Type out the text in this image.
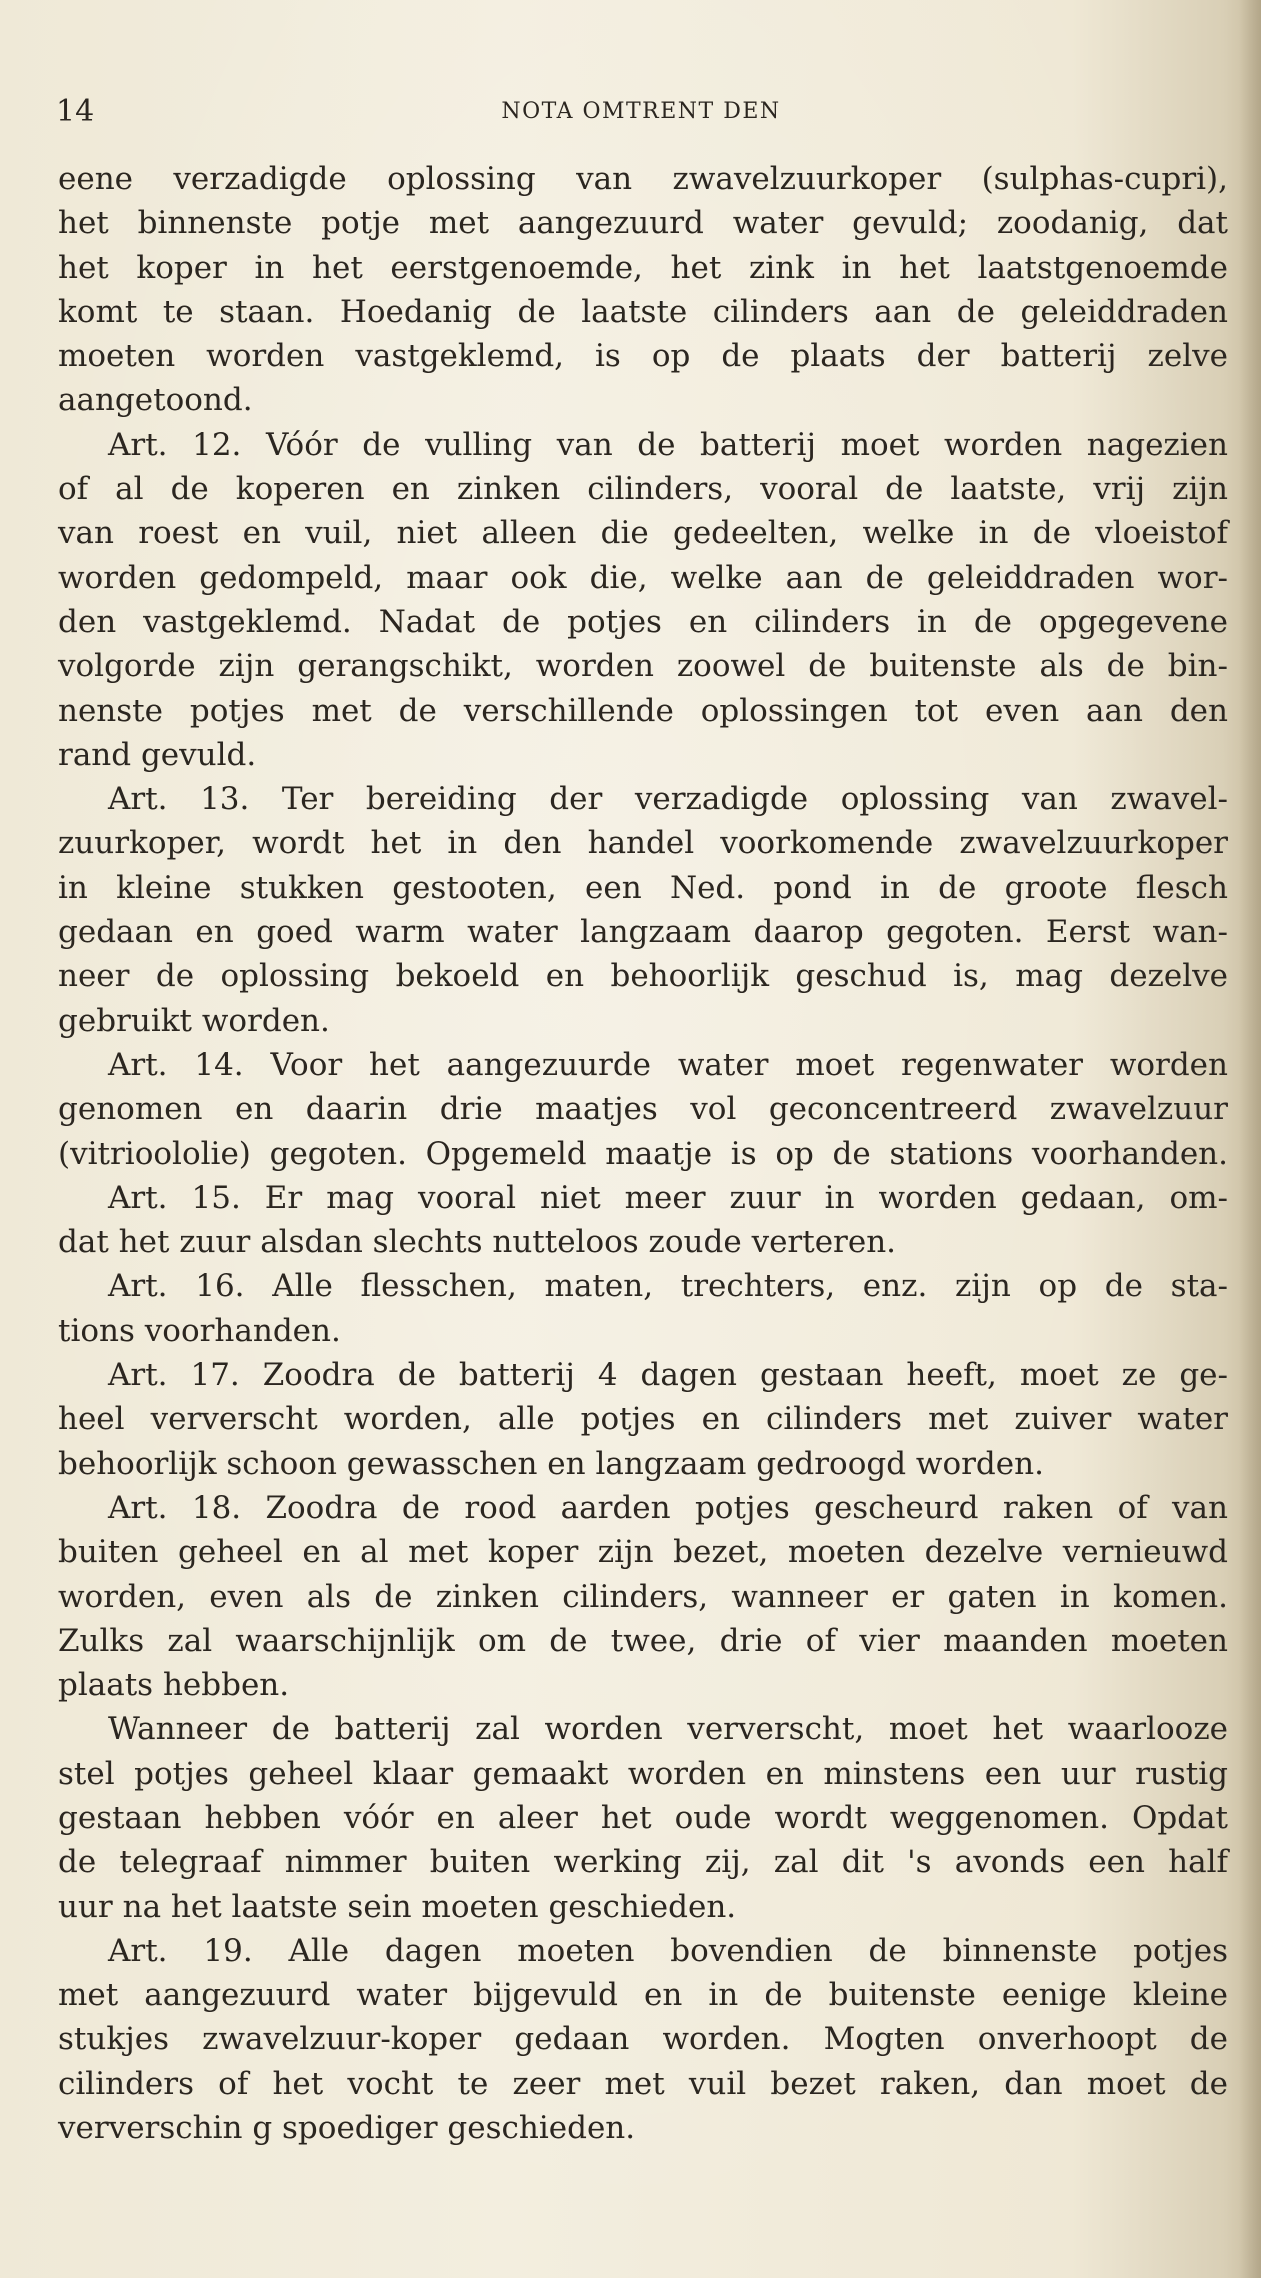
14	NOTA OMTRENT DEN
eene verzadigde oplossing van zwavelzuurkoper (sulphas-cupri),
het binnenste potje met aangezuurd water gevuld; zoodanig, dat
het koper in het eerstgenoemde, het zink in het laatstgenoemde
komt te staan. Hoedanig de laatste cilinders aan de geleiddraden
moeten worden vastgeklemd, is op de plaats der batterij zelve
aangetoond.
Art. 12. Vóór de vulling van de batterij moet worden nagezien
of al de koperen en zinken cilinders, vooral de laatste, vrij zijn
van roest en vuil, niet alleen die gedeelten, welke in de vloeistof
worden gedompeld, maar ook die, welke aan de geleiddraden wor-
den vastgeklemd. Nadat de potjes en cilinders in de opgegevene
volgorde zijn gerangschikt, worden zoowel de buitenste als de bin-
nenste potjes met de verschillende oplossingen tot even aan den
rand gevuld.
Art. 13. Ter bereiding der verzadigde oplossing van zwavel-
zuurkoper, wordt het in den handel voorkomende zwavelzuurkoper
in kleine stukken gestooten, een Ned. pond in de groote flesch
gedaan en goed warm water langzaam daarop gegoten. Eerst wan-
neer de oplossing bekoeld en behoorlijk geschud is, mag dezelve
gebruikt worden.
Art. 14. Voor het aangezuurde water moet regenwater worden
genomen en daarin drie maatjes vol geconcentreerd zwavelzuur
(vitrioololie) gegoten. Opgemeld maatje is op de stations voorhanden.
Art. 15. Er mag vooral niet meer zuur in worden gedaan, om-
dat het zuur alsdan slechts nutteloos zoude verteren.
Art. 16. Alle flesschen, maten, trechters, enz. zijn op de sta-
tions voorhanden.
Art. 17. Zoodra de batterij 4 dagen gestaan heeft, moet ze ge-
heel ververscht worden, alle potjes en cilinders met zuiver water
behoorlijk schoon gewasschen en langzaam gedroogd worden.
Art. 18. Zoodra de rood aarden potjes gescheurd raken of van
buiten geheel en al met koper zijn bezet, moeten dezelve vernieuwd
worden, even als de zinken cilinders, wanneer er gaten in komen.
Zulks zal waarschijnlijk om de twee, drie of vier maanden moeten
plaats hebben.
Wanneer de batterij zal worden ververscht, moet het waarlooze
stel potjes geheel klaar gemaakt worden en minstens een uur rustig
gestaan hebben vóór en aleer het oude wordt weggenomen. Opdat
de telegraaf nimmer buiten werking zij, zal dit 's avonds een half
uur na het laatste sein moeten geschieden.
Art. 19. Alle dagen moeten bovendien de binnenste potjes
met aangezuurd water bijgevuld en in de buitenste eenige kleine
stukjes zwavelzuur-koper gedaan worden. Mogten onverhoopt de
cilinders of het vocht te zeer met vuil bezet raken, dan moet de
ververschin g spoediger geschieden.
